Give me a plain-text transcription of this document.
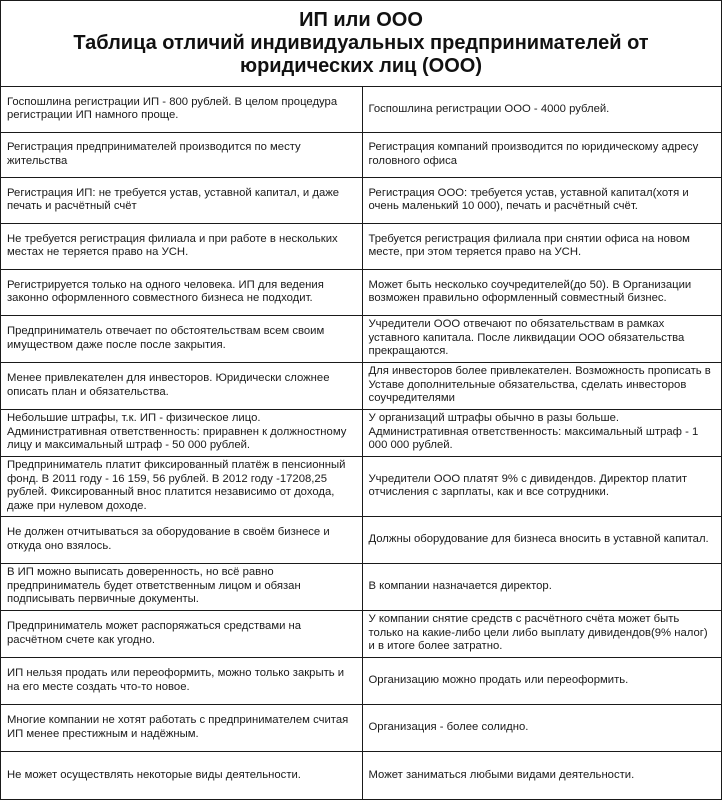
ИП или ООО
Таблица отличий индивидуальных предпринимателей от юридических лиц (ООО)
Госпошлина регистрации ИП - 800 рублей. В целом процедура регистрации ИП намного проще.	Госпошлина регистрации ООО - 4000 рублей.

Регистрация предпринимателей производится по месту жительства	Регистрация компаний производится по юридическому адресу головного офиса

Регистрация ИП: не требуется устав, уставной капитал, и даже печать и расчётный счёт	Регистрация ООО: требуется устав, уставной капитал(хотя и очень маленький 10 000), печать и расчётный счёт.

Не требуется регистрация филиала и при работе в нескольких местах не теряется право на УСН.	Требуется регистрация филиала при снятии офиса на новом месте, при этом теряется право на УСН.

Регистрируется только на одного человека. ИП для ведения законно оформленного совместного бизнеса не подходит.	Может быть несколько соучредителей(до 50). В Организации возможен правильно оформленный совместный бизнес.

Предприниматель отвечает по обстоятельствам всем своим имуществом даже после после закрытия.	Учредители ООО отвечают по обязательствам в рамках уставного капитала. После ликвидации ООО обязательства прекращаются.

Менее привлекателен для инвесторов. Юридически сложнее описать план и обязательства.	Для инвесторов более привлекателен. Возможность прописать в Уставе дополнительные обязательства, сделать инвесторов соучредителями

Небольшие штрафы, т.к. ИП - физическое лицо. Административная ответственность: приравнен к должностному лицу и максимальный штраф - 50 000 рублей.	У организаций штрафы обычно в разы больше. Административная ответственность: максимальный штраф - 1 000 000 рублей.

Предприниматель платит фиксированный платёж в пенсионный фонд. В 2011 году - 16 159, 56 рублей. В 2012 году -17208,25 рублей. Фиксированный внос платится независимо от дохода, даже при нулевом доходе.	Учредители ООО платят 9% с дивидендов. Директор платит отчисления с зарплаты, как и все сотрудники.

Не должен отчитываться за оборудование в своём бизнесе и откуда оно взялось.	Должны оборудование для бизнеса вносить в уставной капитал.

В ИП можно выписать доверенность, но всё равно предприниматель будет ответственным лицом и обязан подписывать первичные документы.	В компании назначается директор.

Предприниматель может распоряжаться средствами на расчётном счете как угодно.	У компании снятие средств с расчётного счёта может быть только на какие-либо цели либо выплату дивидендов(9% налог) и в итоге более затратно.

ИП нельзя продать или переоформить, можно только закрыть и на его месте создать что-то новое.	Организацию можно продать или переоформить.

Многие компании не хотят работать с предпринимателем считая ИП менее престижным и надёжным.	Организация - более солидно.

Не может осуществлять некоторые виды деятельности.	Может заниматься любыми видами деятельности.
